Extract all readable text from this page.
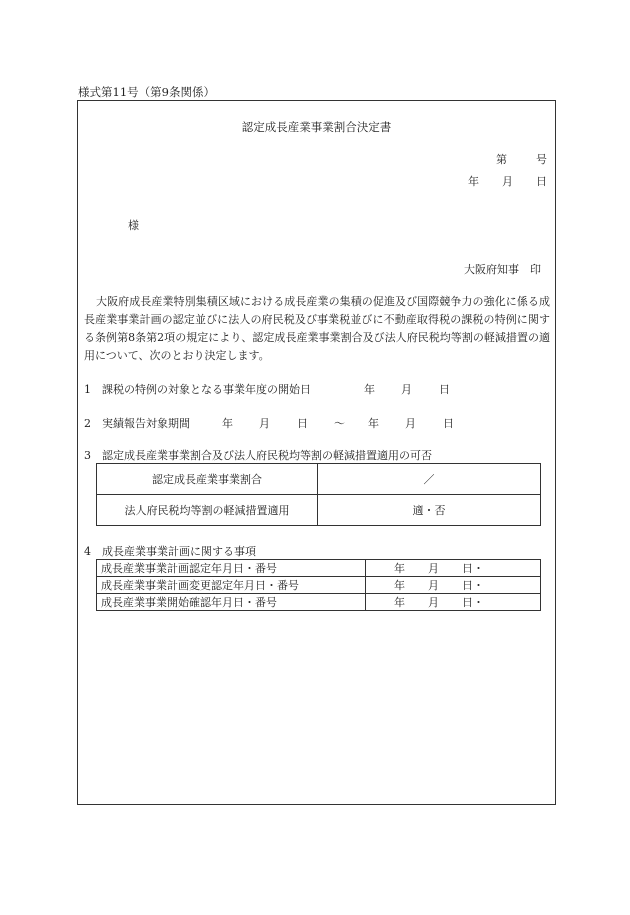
様式第11号（第9条関係）
認定成長産業事業割合決定書
第	号
年 月 日
様
大阪府知事　印
大阪府成長産業特別集積区域における成長産業の集積の促進及び国際競争力の強化に係る成長産業事業計画の認定並びに法人の府民税及び事業税並びに不動産取得税の課税の特例に関する条例第8条第2項の規定により、認定成長産業事業割合及び法人府民税均等割の軽減措置の適用について、次のとおり決定します。
1 課税の特例の対象となる事業年度の開始日	年 月 日
2 実績報告対象期間	年 月 日 ～ 年 月 日
3 認定成長産業事業割合及び法人府民税均等割の軽減措置適用の可否
認定成長産業事業割合	／
法人府民税均等割の軽減措置適用	適・否
4 成長産業事業計画に関する事項
成長産業事業計画認定年月日・番号	年 月 日・
成長産業事業計画変更認定年月日・番号	年 月 日・
成長産業事業開始確認年月日・番号	年 月 日・
